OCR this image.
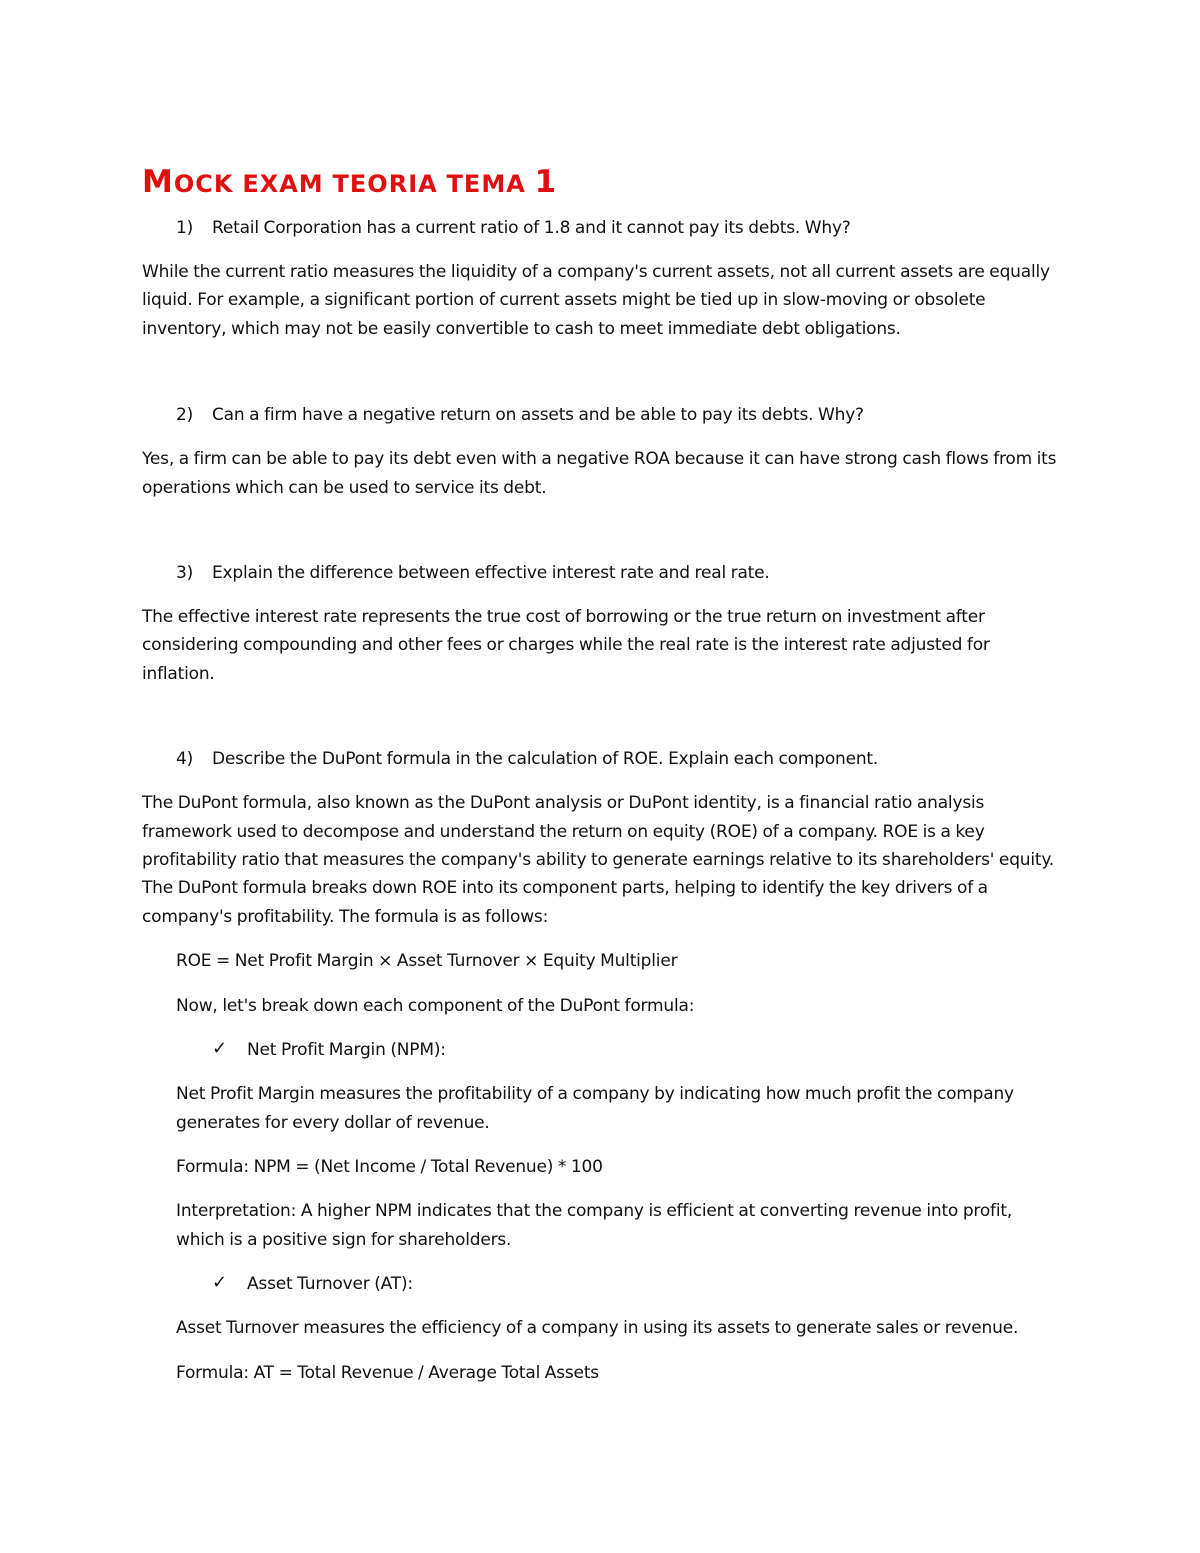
MOCK EXAM TEORIA TEMA 1

1) Retail Corporation has a current ratio of 1.8 and it cannot pay its debts. Why?

While the current ratio measures the liquidity of a company's current assets, not all current assets are equally liquid. For example, a significant portion of current assets might be tied up in slow-moving or obsolete inventory, which may not be easily convertible to cash to meet immediate debt obligations.

2) Can a firm have a negative return on assets and be able to pay its debts. Why?

Yes, a firm can be able to pay its debt even with a negative ROA because it can have strong cash flows from its operations which can be used to service its debt.

3) Explain the difference between effective interest rate and real rate.

The effective interest rate represents the true cost of borrowing or the true return on investment after considering compounding and other fees or charges while the real rate is the interest rate adjusted for inflation.

4) Describe the DuPont formula in the calculation of ROE. Explain each component.

The DuPont formula, also known as the DuPont analysis or DuPont identity, is a financial ratio analysis framework used to decompose and understand the return on equity (ROE) of a company. ROE is a key profitability ratio that measures the company's ability to generate earnings relative to its shareholders' equity. The DuPont formula breaks down ROE into its component parts, helping to identify the key drivers of a company's profitability. The formula is as follows:

ROE = Net Profit Margin × Asset Turnover × Equity Multiplier

Now, let's break down each component of the DuPont formula:

✓ Net Profit Margin (NPM):

Net Profit Margin measures the profitability of a company by indicating how much profit the company generates for every dollar of revenue.

Formula: NPM = (Net Income / Total Revenue) * 100

Interpretation: A higher NPM indicates that the company is efficient at converting revenue into profit, which is a positive sign for shareholders.

✓ Asset Turnover (AT):

Asset Turnover measures the efficiency of a company in using its assets to generate sales or revenue.

Formula: AT = Total Revenue / Average Total Assets
